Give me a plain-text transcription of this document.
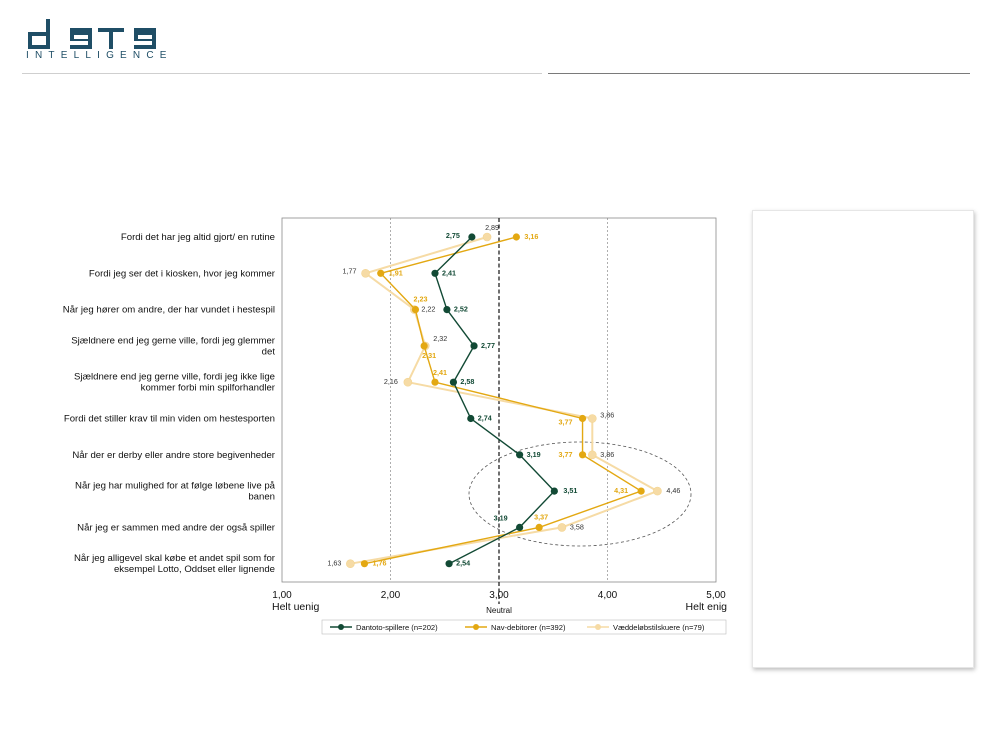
INTELLIGENCE
Fordi det har jeg altid gjort/ en rutine
Fordi jeg ser det i kiosken, hvor jeg kommer
Når jeg hører om andre, der har vundet i hestespil
Sjældnere end jeg gerne ville, fordi jeg glemmer det
Sjældnere end jeg gerne ville, fordi jeg ikke lige kommer forbi min spilforhandler
Fordi det stiller krav til min viden om hestesporten
Når der er derby eller andre store begivenheder
Når jeg har mulighed for at følge løbene live på banen
Når jeg er sammen med andre der også spiller
Når jeg alligevel skal købe et andet spil som for eksempel Lotto, Oddset eller lignende
1,00	2,00	3,00	4,00	5,00
2,75
2,41
2,52
2,77
2,58
2,74
3,19
3,51
3,19
2,54
3,16
1,91
2,23
2,31
2,41
3,77
3,77
4,31
3,37
1,76
2,89
1,77
2,22
2,32
2,16
3,86
3,86
4,46
3,58
1,63
Helt uenig	Helt enig
Neutral
Dantoto-spillere (n=202)	Nav-debitorer (n=392)	Væddeløbstilskuere (n=79)
